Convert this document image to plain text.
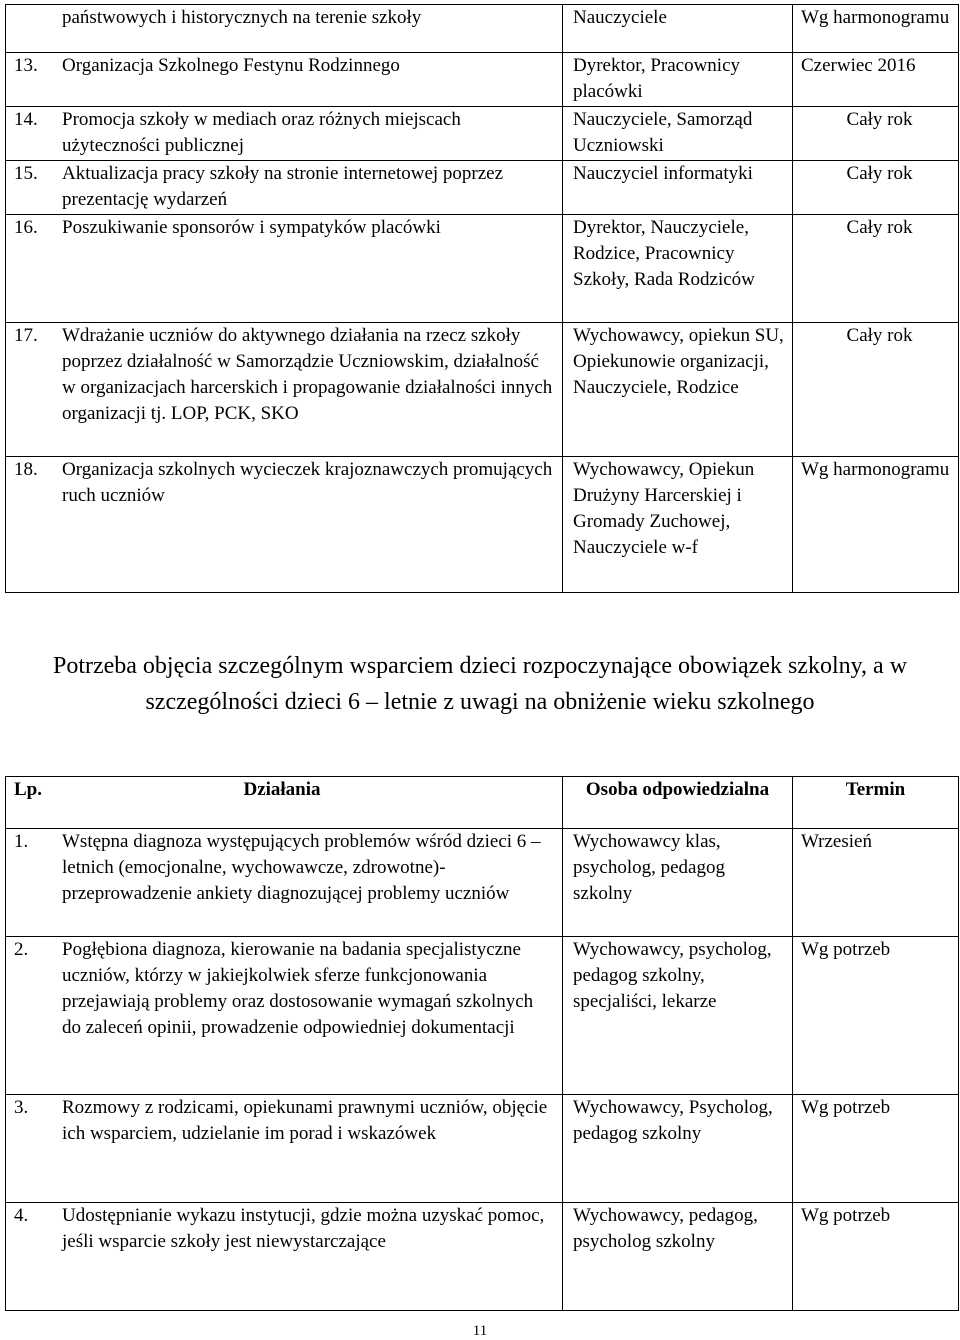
państwowych i historycznych na terenie szkoły	Nauczyciele	Wg harmonogramu

13. Organizacja Szkolnego Festynu Rodzinnego	Dyrektor, Pracownicy placówki	Czerwiec 2016

14. Promocja szkoły w mediach oraz różnych miejscach użyteczności publicznej	Nauczyciele, Samorząd Uczniowski	Cały rok

15. Aktualizacja pracy szkoły na stronie internetowej poprzez prezentację wydarzeń	Nauczyciel informatyki	Cały rok

16. Poszukiwanie sponsorów i sympatyków placówki	Dyrektor, Nauczyciele, Rodzice, Pracownicy Szkoły, Rada Rodziców	Cały rok

17. Wdrażanie uczniów do aktywnego działania na rzecz szkoły poprzez działalność w Samorządzie Uczniowskim, działalność w organizacjach harcerskich i propagowanie działalności innych organizacji tj. LOP, PCK, SKO	Wychowawcy, opiekun SU, Opiekunowie organizacji, Nauczyciele, Rodzice	Cały rok

18. Organizacja szkolnych wycieczek krajoznawczych promujących ruch uczniów	Wychowawcy, Opiekun Drużyny Harcerskiej i Gromady Zuchowej, Nauczyciele w-f	Wg harmonogramu
Potrzeba objęcia szczególnym wsparciem dzieci rozpoczynające obowiązek szkolny, a w szczególności dzieci 6 – letnie z uwagi na obniżenie wieku szkolnego
Lp. Działania	Osoba odpowiedzialna	Termin

1. Wstępna diagnoza występujących problemów wśród dzieci 6 – letnich (emocjonalne, wychowawcze, zdrowotne)- przeprowadzenie ankiety diagnozującej problemy uczniów	Wychowawcy klas, psycholog, pedagog szkolny	Wrzesień

2. Pogłębiona diagnoza, kierowanie na badania specjalistyczne uczniów, którzy w jakiejkolwiek sferze funkcjonowania przejawiają problemy oraz dostosowanie wymagań szkolnych do zaleceń opinii, prowadzenie odpowiedniej dokumentacji	Wychowawcy, psycholog, pedagog szkolny, specjaliści, lekarze	Wg potrzeb

3. Rozmowy z rodzicami, opiekunami prawnymi uczniów, objęcie ich wsparciem, udzielanie im porad i wskazówek	Wychowawcy, Psycholog, pedagog szkolny	Wg potrzeb

4. Udostępnianie wykazu instytucji, gdzie można uzyskać pomoc, jeśli wsparcie szkoły jest niewystarczające	Wychowawcy, pedagog, psycholog szkolny	Wg potrzeb
11
